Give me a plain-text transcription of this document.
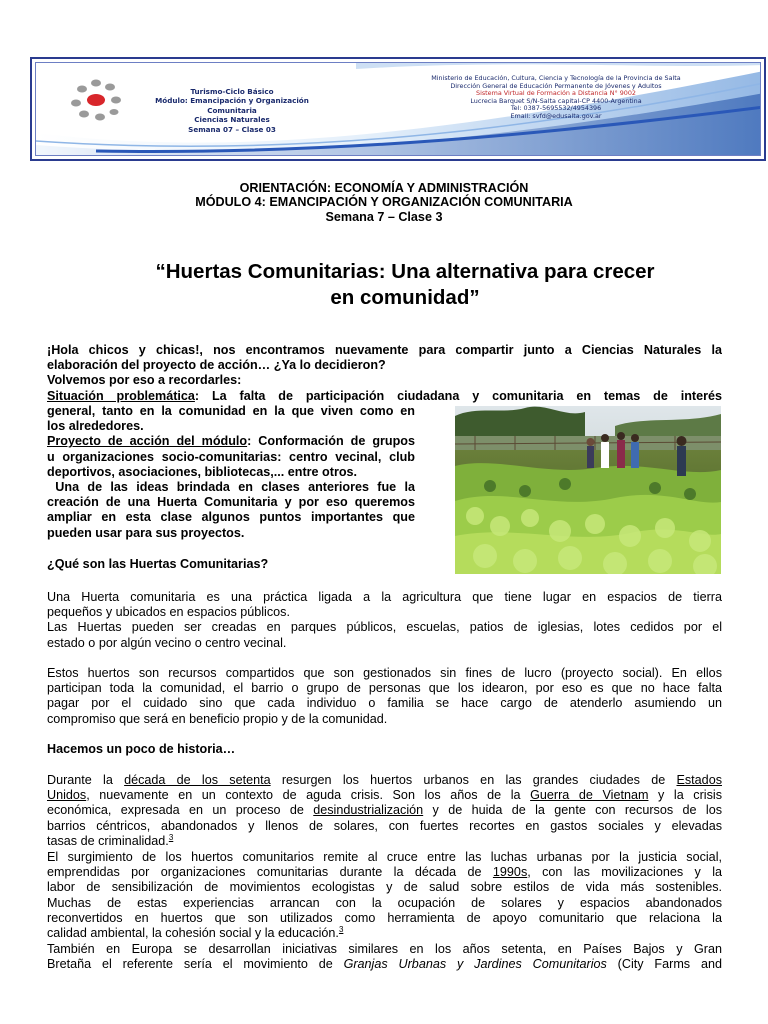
Turismo-Ciclo Básico
Módulo: Emancipación y Organización Comunitaria
Ciencias Naturales
Semana 07 – Clase 03
Ministerio de Educación, Cultura, Ciencia y Tecnología de la Provincia de Salta
Dirección General de Educación Permanente de Jóvenes y Adultos
Sistema Virtual de Formación a Distancia N° 9002
Lucrecia Barquet S/N-Salta capital-CP 4400-Argentina
Tel: 0387-5695532/4954396
Email: svfd@edusalta.gov.ar
ORIENTACIÓN: ECONOMÍA Y ADMINISTRACIÓN
MÓDULO 4: EMANCIPACIÓN Y ORGANIZACIÓN COMUNITARIA
Semana 7 – Clase 3
“Huertas Comunitarias: Una alternativa para crecer
en comunidad”
¡Hola chicos y chicas!, nos encontramos nuevamente para compartir junto a Ciencias Naturales la
elaboración del proyecto de acción… ¿Ya lo decidieron?
Volvemos por eso a recordarles:
Situación problemática: La falta de participación ciudadana y comunitaria en temas de interés
general, tanto en la comunidad en la que viven como en
los alrededores.
Proyecto de acción del módulo: Conformación de grupos
u organizaciones socio-comunitarias: centro vecinal, club
deportivos, asociaciones, bibliotecas,... entre otros.
Una de las ideas brindada en clases anteriores fue la
creación de una Huerta Comunitaria y por eso queremos
ampliar en esta clase algunos puntos importantes que
pueden usar para sus proyectos.
¿Qué son las Huertas Comunitarias?
Una Huerta comunitaria es una práctica ligada a la agricultura que tiene lugar en espacios de tierra
pequeños y ubicados en espacios públicos.
Las Huertas pueden ser creadas en parques públicos, escuelas, patios de iglesias, lotes cedidos por el
estado o por algún vecino o centro vecinal.
Estos huertos son recursos compartidos que son gestionados sin fines de lucro (proyecto social). En ellos
participan toda la comunidad, el barrio o grupo de personas que los idearon, por eso es que no hace falta
pagar por el cuidado sino que cada individuo o familia se hace cargo de atenderlo asumiendo un
compromiso que será en beneficio propio y de la comunidad.
Hacemos un poco de historia…
Durante la década de los setenta resurgen los huertos urbanos en las grandes ciudades de Estados
Unidos, nuevamente en un contexto de aguda crisis. Son los años de la Guerra de Vietnam y la crisis
económica, expresada en un proceso de desindustrialización y de huida de la gente con recursos de los
barrios céntricos, abandonados y llenos de solares, con fuertes recortes en gastos sociales y elevadas
tasas de criminalidad.$^3$
El surgimiento de los huertos comunitarios remite al cruce entre las luchas urbanas por la justicia social,
emprendidas por organizaciones comunitarias durante la década de 1990s, con las movilizaciones y la
labor de sensibilización de movimientos ecologistas y de salud sobre estilos de vida más sostenibles.
Muchas de estas experiencias arrancan con la ocupación de solares y espacios abandonados
reconvertidos en huertos que son utilizados como herramienta de apoyo comunitario que relaciona la
calidad ambiental, la cohesión social y la educación.$^3$
También en Europa se desarrollan iniciativas similares en los años setenta, en Países Bajos y Gran
Bretaña el referente sería el movimiento de Granjas Urbanas y Jardines Comunitarios (City Farms and
